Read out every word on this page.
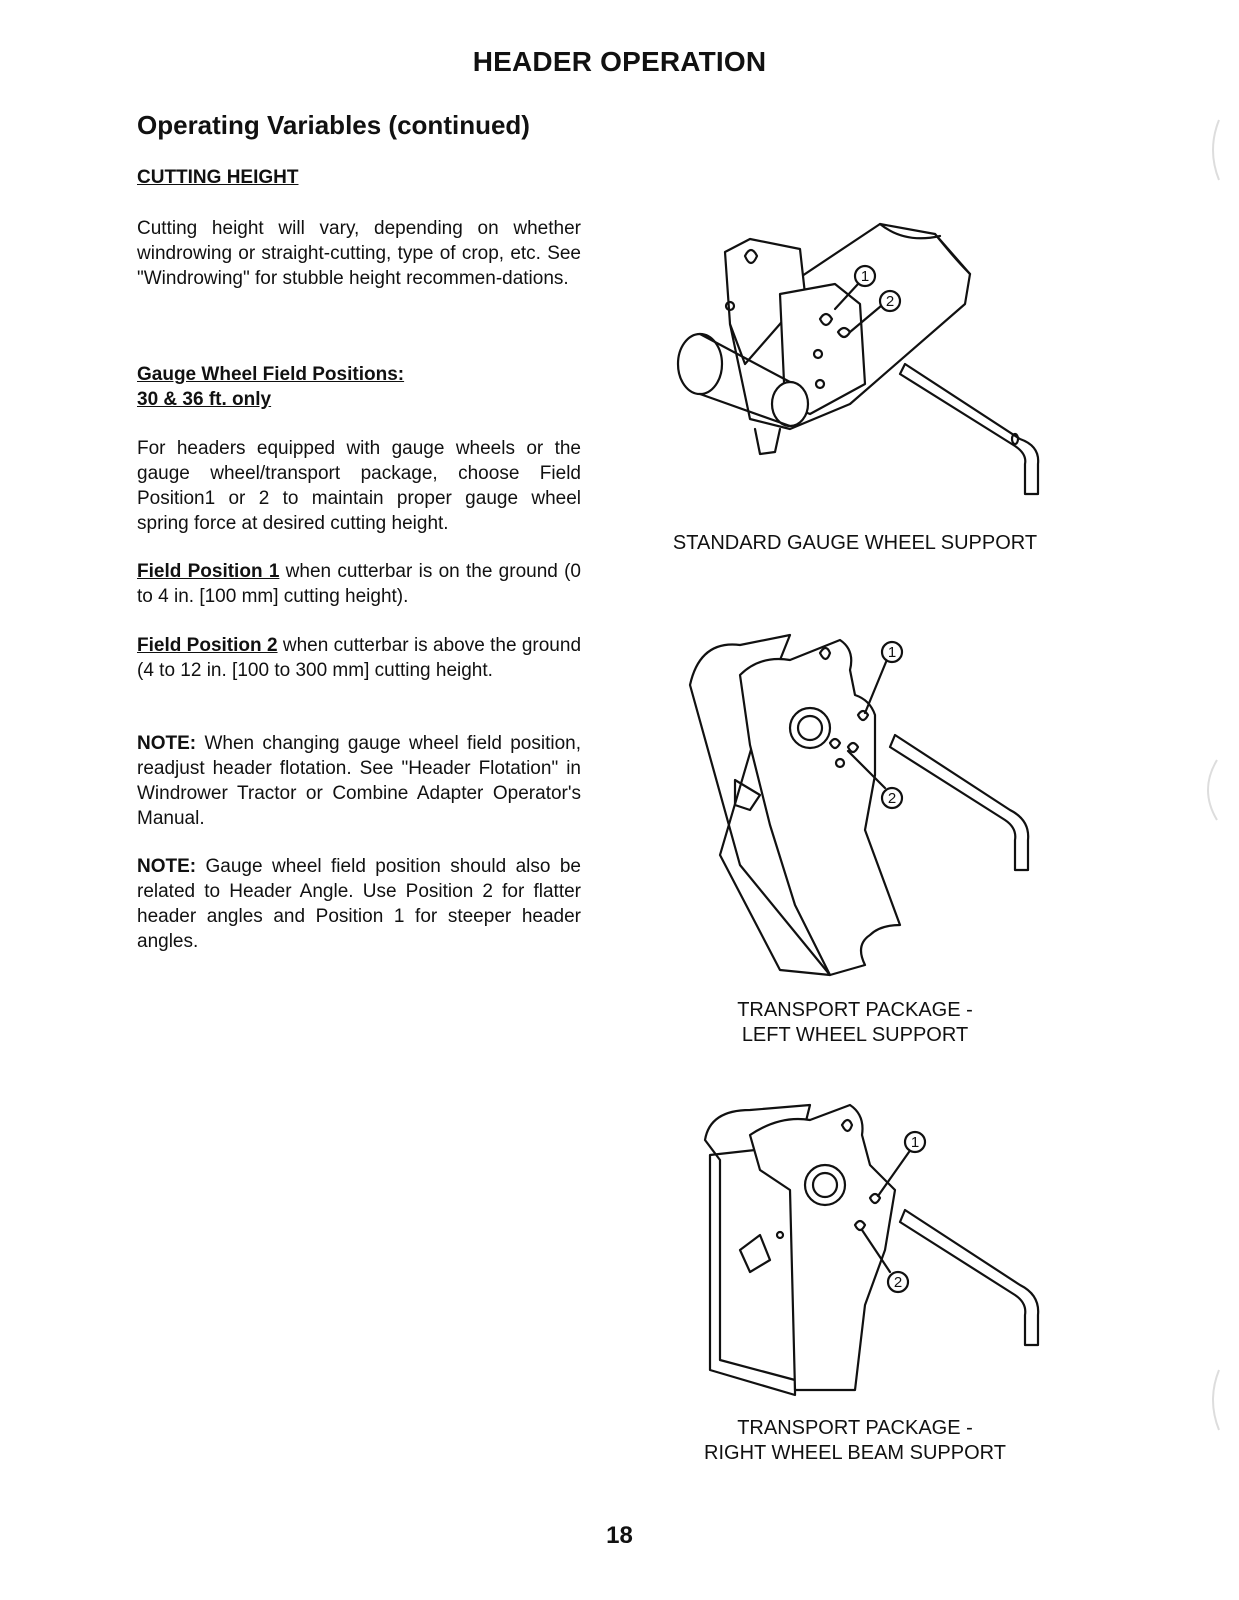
HEADER OPERATION
Operating Variables (continued)
CUTTING HEIGHT
Cutting height will vary, depending on whether windrowing or straight-cutting, type of crop, etc. See "Windrowing" for stubble height recommen-dations.
Gauge Wheel Field Positions:
30 & 36 ft. only
For headers equipped with gauge wheels or the gauge wheel/transport package, choose Field Position1 or 2 to maintain proper gauge wheel spring force at desired cutting height.
Field Position 1 when cutterbar is on the ground (0 to 4 in. [100 mm] cutting height).
Field Position 2 when cutterbar is above the ground (4 to 12 in. [100 to 300 mm] cutting height.
NOTE: When changing gauge wheel field position, readjust header flotation. See "Header Flotation" in Windrower Tractor or Combine Adapter Operator's Manual.
NOTE: Gauge wheel field position should also be related to Header Angle. Use Position 2 for flatter header angles and Position 1 for steeper header angles.
1
2
STANDARD GAUGE WHEEL SUPPORT
1
2
TRANSPORT PACKAGE -
LEFT WHEEL SUPPORT
1
2
TRANSPORT PACKAGE -
RIGHT WHEEL BEAM SUPPORT
18
